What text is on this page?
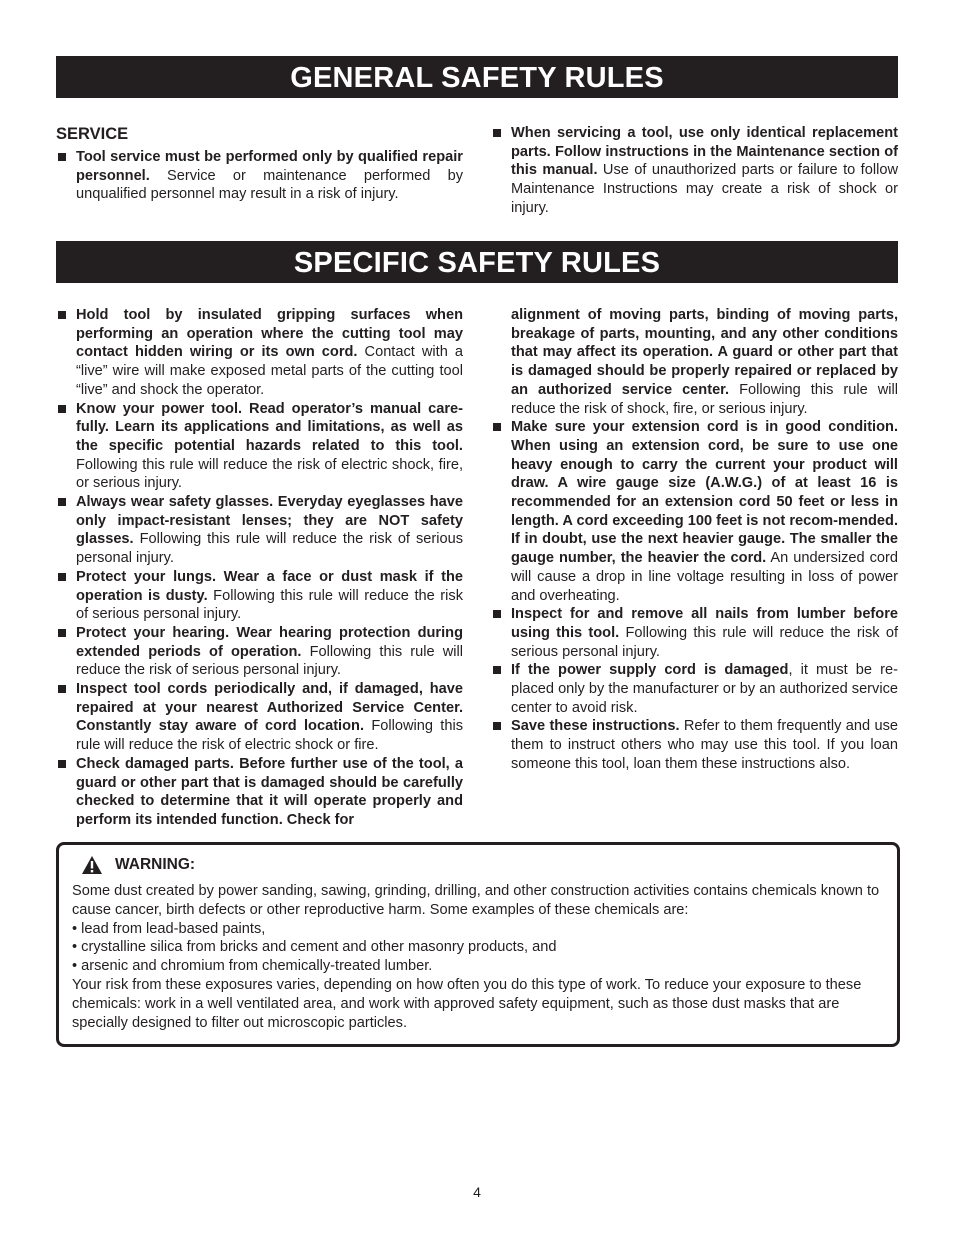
GENERAL SAFETY RULES
SERVICE

Tool service must be performed only by qualified repair personnel. Service or maintenance performed by unqualified personnel may result in a risk of injury.

When servicing a tool, use only identical replacement parts. Follow instructions in the Maintenance section of this manual. Use of unauthorized parts or failure to follow Maintenance Instructions may create a risk of shock or injury.

SPECIFIC SAFETY RULES

Hold tool by insulated gripping surfaces when performing an operation where the cutting tool may contact hidden wiring or its own cord. Contact with a “live” wire will make exposed metal parts of the cutting tool “live” and shock the operator.

Know your power tool. Read operator’s manual care-fully. Learn its applications and limitations, as well as the specific potential hazards related to this tool. Following this rule will reduce the risk of electric shock, fire, or serious injury.

Always wear safety glasses. Everyday eyeglasses have only impact-resistant lenses; they are NOT safety glasses. Following this rule will reduce the risk of serious personal injury.

Protect your lungs. Wear a face or dust mask if the operation is dusty. Following this rule will reduce the risk of serious personal injury.

Protect your hearing. Wear hearing protection during extended periods of operation. Following this rule will reduce the risk of serious personal injury.

Inspect tool cords periodically and, if damaged, have repaired at your nearest Authorized Service Center. Constantly stay aware of cord location. Following this rule will reduce the risk of electric shock or fire.

Check damaged parts. Before further use of the tool, a guard or other part that is damaged should be carefully checked to determine that it will operate properly and perform its intended function. Check for

alignment of moving parts, binding of moving parts, breakage of parts, mounting, and any other conditions that may affect its operation. A guard or other part that is damaged should be properly repaired or replaced by an authorized service center. Following this rule will reduce the risk of shock, fire, or serious injury.

Make sure your extension cord is in good condition. When using an extension cord, be sure to use one heavy enough to carry the current your product will draw. A wire gauge size (A.W.G.) of at least 16 is recommended for an extension cord 50 feet or less in length. A cord exceeding 100 feet is not recom-mended. If in doubt, use the next heavier gauge. The smaller the gauge number, the heavier the cord. An undersized cord will cause a drop in line voltage resulting in loss of power and overheating.

Inspect for and remove all nails from lumber before using this tool. Following this rule will reduce the risk of serious personal injury.

If the power supply cord is damaged, it must be re-placed only by the manufacturer or by an authorized service center to avoid risk.

Save these instructions. Refer to them frequently and use them to instruct others who may use this tool. If you loan someone this tool, loan them these instructions also.

WARNING:

Some dust created by power sanding, sawing, grinding, drilling, and other construction activities contains chemicals known to cause cancer, birth defects or other reproductive harm. Some examples of these chemicals are:

• lead from lead-based paints,

• crystalline silica from bricks and cement and other masonry products, and

• arsenic and chromium from chemically-treated lumber.

Your risk from these exposures varies, depending on how often you do this type of work. To reduce your exposure to these chemicals: work in a well ventilated area, and work with approved safety equipment, such as those dust masks that are specially designed to filter out microscopic particles.

4
